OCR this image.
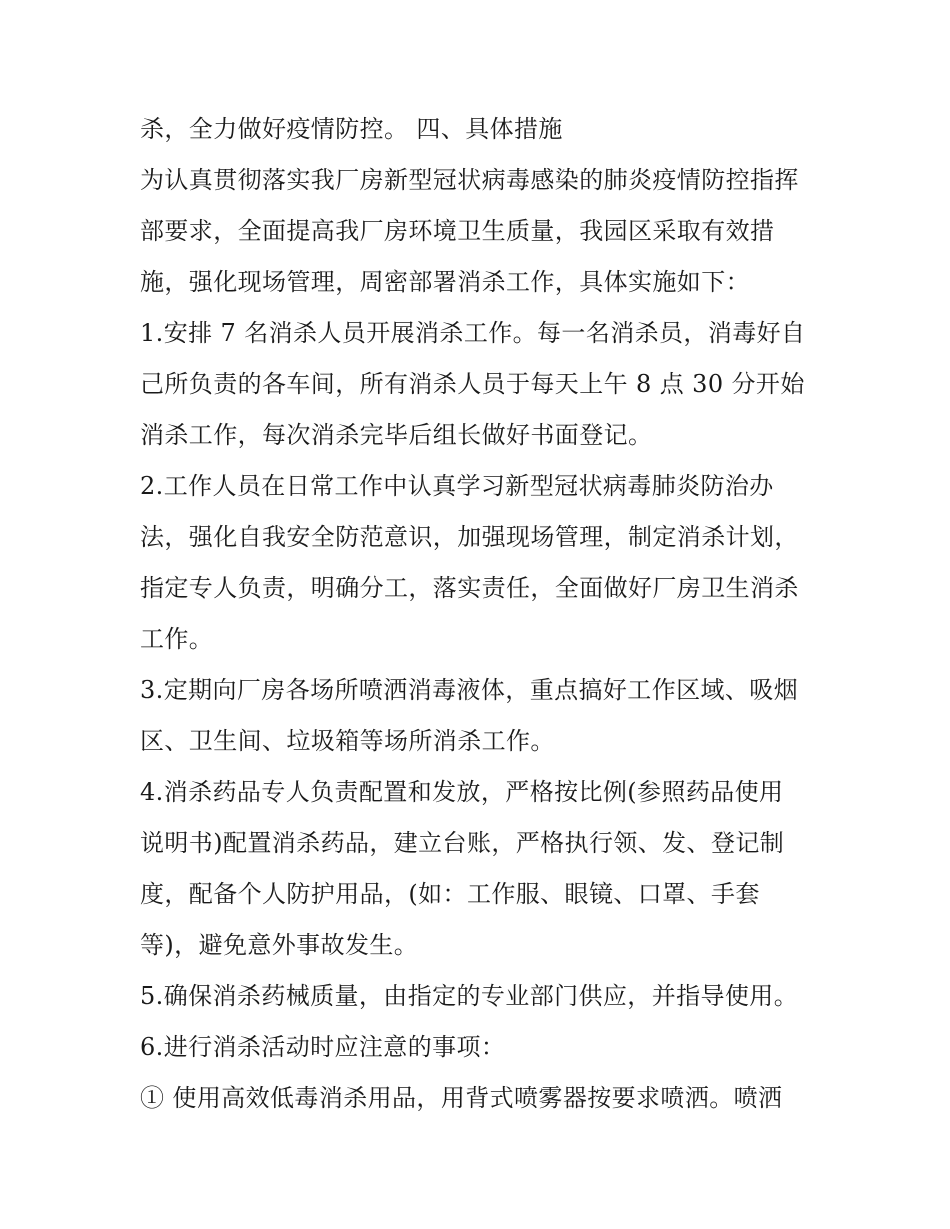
杀，全力做好疫情防控。 四、具体措施
为认真贯彻落实我厂房新型冠状病毒感染的肺炎疫情防控指挥
部要求，全面提高我厂房环境卫生质量，我园区采取有效措
施，强化现场管理，周密部署消杀工作，具体实施如下：
1.安排 7 名消杀人员开展消杀工作。每一名消杀员，消毒好自
己所负责的各车间，所有消杀人员于每天上午 8 点 30 分开始
消杀工作，每次消杀完毕后组长做好书面登记。
2.工作人员在日常工作中认真学习新型冠状病毒肺炎防治办
法，强化自我安全防范意识，加强现场管理，制定消杀计划，
指定专人负责，明确分工，落实责任，全面做好厂房卫生消杀
工作。
3.定期向厂房各场所喷洒消毒液体，重点搞好工作区域、吸烟
区、卫生间、垃圾箱等场所消杀工作。
4.消杀药品专人负责配置和发放，严格按比例(参照药品使用
说明书)配置消杀药品，建立台账，严格执行领、发、登记制
度，配备个人防护用品，(如：工作服、眼镜、口罩、手套
等)，避免意外事故发生。
5.确保消杀药械质量，由指定的专业部门供应，并指导使用。
6.进行消杀活动时应注意的事项：
① 使用高效低毒消杀用品，用背式喷雾器按要求喷洒。喷洒
